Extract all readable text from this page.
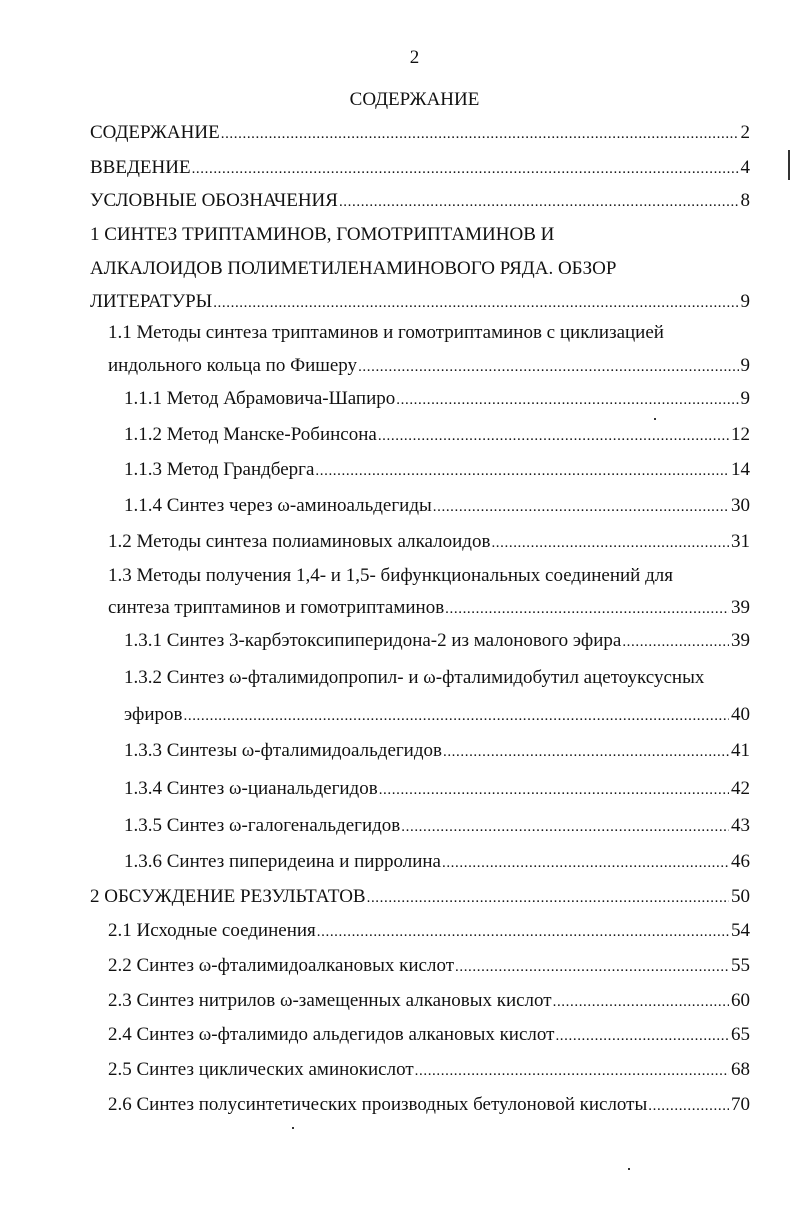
2
СОДЕРЖАНИЕ
СОДЕРЖАНИЕ .....	2
ВВЕДЕНИЕ .....	4
УСЛОВНЫЕ ОБОЗНАЧЕНИЯ .....	8
1 СИНТЕЗ ТРИПТАМИНОВ, ГОМОТРИПТАМИНОВ И
АЛКАЛОИДОВ ПОЛИМЕТИЛЕНАМИНОВОГО РЯДА. ОБЗОР
ЛИТЕРАТУРЫ .....	9
1.1 Методы синтеза триптаминов и гомотриптаминов с циклизацией
индольного кольца по Фишеру .....	9
1.1.1 Метод Абрамовича-Шапиро .....	9
1.1.2 Метод Манске-Робинсона .....	12
1.1.3 Метод Грандберга .....	14
1.1.4 Синтез через ω-аминоальдегиды .....	30
1.2 Методы синтеза полиаминовых алкалоидов .....	31
1.3 Методы получения 1,4- и 1,5- бифункциональных соединений для
синтеза триптаминов и гомотриптаминов .....	39
1.3.1 Синтез 3-карбэтоксипиперидона-2 из малонового эфира .....	39
1.3.2 Синтез ω-фталимидопропил- и ω-фталимидобутил ацетоуксусных
эфиров .....	40
1.3.3 Синтезы ω-фталимидоальдегидов .....	41
1.3.4 Синтез ω-цианальдегидов .....	42
1.3.5 Синтез ω-галогенальдегидов .....	43
1.3.6 Синтез пиперидеина и пирролина .....	46
2 ОБСУЖДЕНИЕ РЕЗУЛЬТАТОВ .....	50
2.1 Исходные соединения .....	54
2.2 Синтез ω-фталимидоалкановых кислот .....	55
2.3 Синтез нитрилов ω-замещенных алкановых кислот .....	60
2.4 Синтез ω-фталимидо альдегидов алкановых кислот .....	65
2.5 Синтез циклических аминокислот .....	68
2.6 Синтез полусинтетических производных бетулоновой кислоты .....	70
